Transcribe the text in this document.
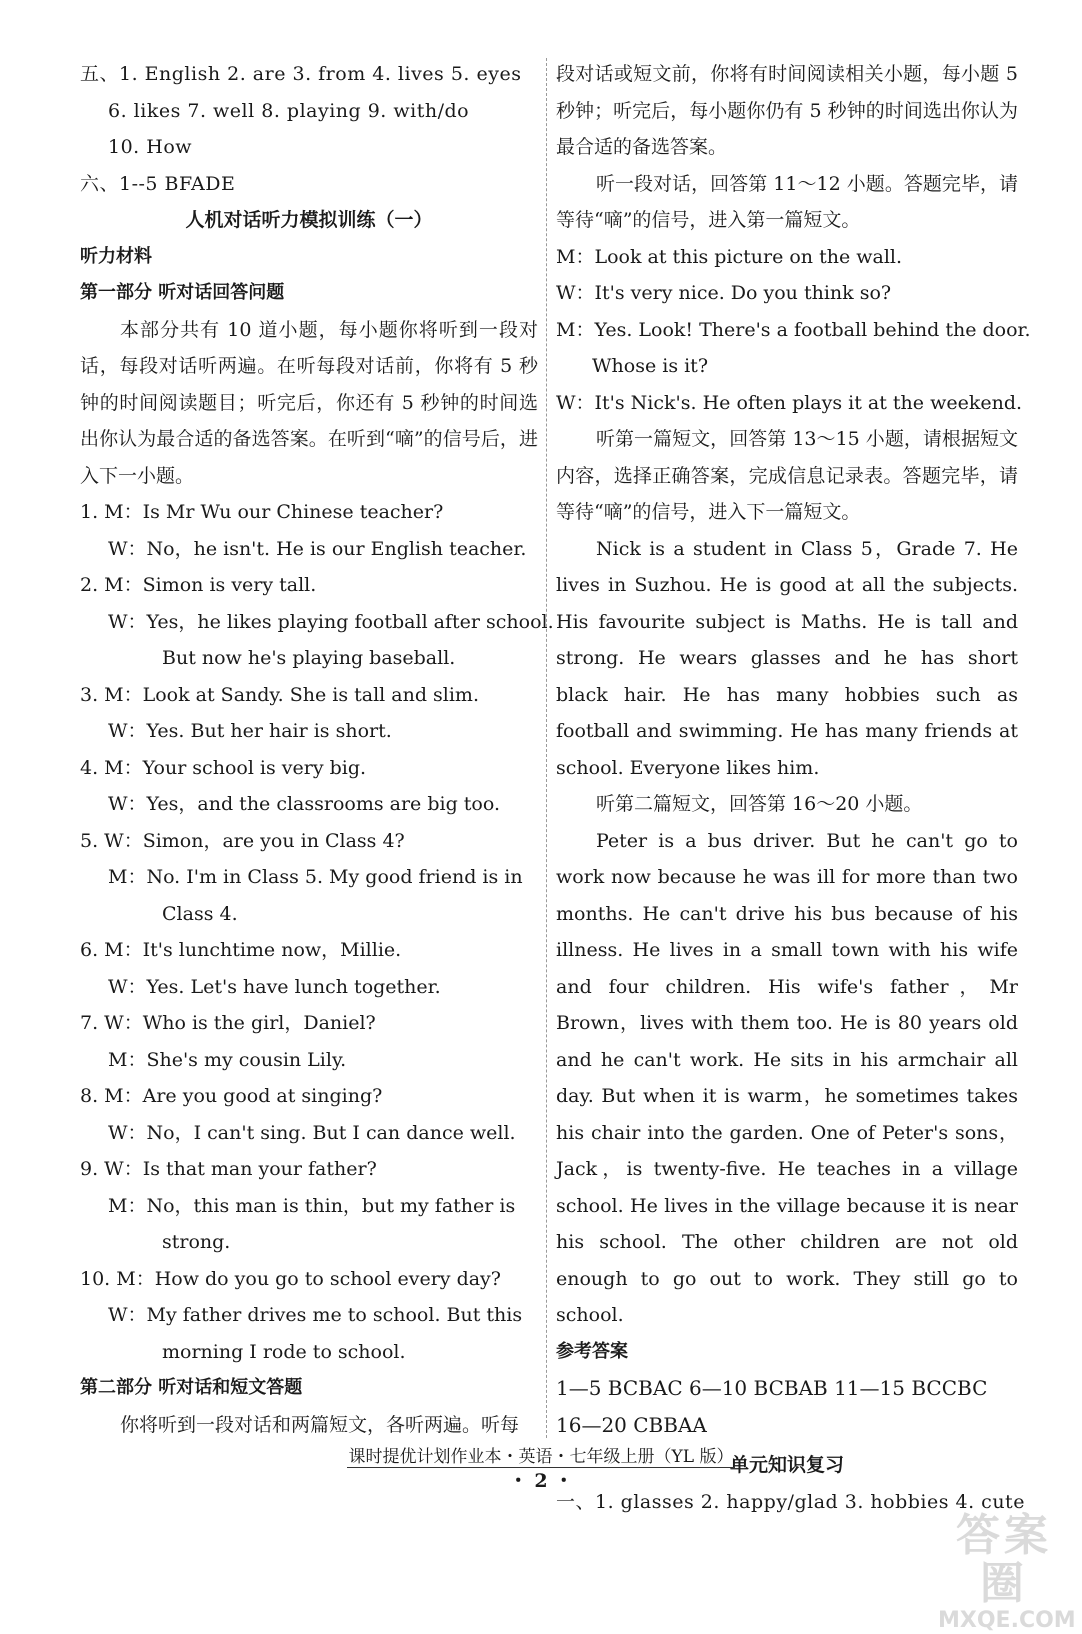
五、1. English 2. are 3. from 4. lives 5. eyes
6. likes 7. well 8. playing 9. with/do
10. How
六、1--5 BFADE
人机对话听力模拟训练（一）
听力材料
第一部分 听对话回答问题
本部分共有 10 道小题，每小题你将听到一段对话，每段对话听两遍。在听每段对话前，你将有 5 秒钟的时间阅读题目；听完后，你还有 5 秒钟的时间选出你认为最合适的备选答案。在听到“嘀”的信号后，进入下一小题。
1. M：Is Mr Wu our Chinese teacher?
W：No，he isn't. He is our English teacher.
2. M：Simon is very tall.
W：Yes，he likes playing football after school.
But now he's playing baseball.
3. M：Look at Sandy. She is tall and slim.
W：Yes. But her hair is short.
4. M：Your school is very big.
W：Yes，and the classrooms are big too.
5. W：Simon，are you in Class 4?
M：No. I'm in Class 5. My good friend is in
Class 4.
6. M：It's lunchtime now，Millie.
W：Yes. Let's have lunch together.
7. W：Who is the girl，Daniel?
M：She's my cousin Lily.
8. M：Are you good at singing?
W：No，I can't sing. But I can dance well.
9. W：Is that man your father?
M：No，this man is thin，but my father is
strong.
10. M：How do you go to school every day?
W：My father drives me to school. But this
morning I rode to school.
第二部分 听对话和短文答题
你将听到一段对话和两篇短文，各听两遍。听每
段对话或短文前，你将有时间阅读相关小题，每小题 5 秒钟；听完后，每小题你仍有 5 秒钟的时间选出你认为最合适的备选答案。
听一段对话，回答第 11～12 小题。答题完毕，请等待“嘀”的信号，进入第一篇短文。
M：Look at this picture on the wall.
W：It's very nice. Do you think so?
M：Yes. Look! There's a football behind the door.
Whose is it?
W：It's Nick's. He often plays it at the weekend.
听第一篇短文，回答第 13～15 小题，请根据短文内容，选择正确答案，完成信息记录表。答题完毕，请等待“嘀”的信号，进入下一篇短文。
Nick is a student in Class 5，Grade 7. He lives in Suzhou. He is good at all the subjects. His favourite subject is Maths. He is tall and strong. He wears glasses and he has short black hair. He has many hobbies such as football and swimming. He has many friends at school. Everyone likes him.
听第二篇短文，回答第 16～20 小题。
Peter is a bus driver. But he can't go to work now because he was ill for more than two months. He can't drive his bus because of his illness. He lives in a small town with his wife and four children. His wife's father，Mr Brown，lives with them too. He is 80 years old and he can't work. He sits in his armchair all day. But when it is warm，he sometimes takes his chair into the garden. One of Peter's sons，Jack，is twenty-five. He teaches in a village school. He lives in the village because it is near his school. The other children are not old enough to go out to work. They still go to school.
参考答案
1—5 BCBAC 6—10 BCBAB 11—15 BCCBC
16—20 CBBAA
单元知识复习
一、1. glasses 2. happy/glad 3. hobbies 4. cute
课时提优计划作业本・英语・七年级上册（YL 版）
・ 2 ・
答案圈
MXQE.COM
